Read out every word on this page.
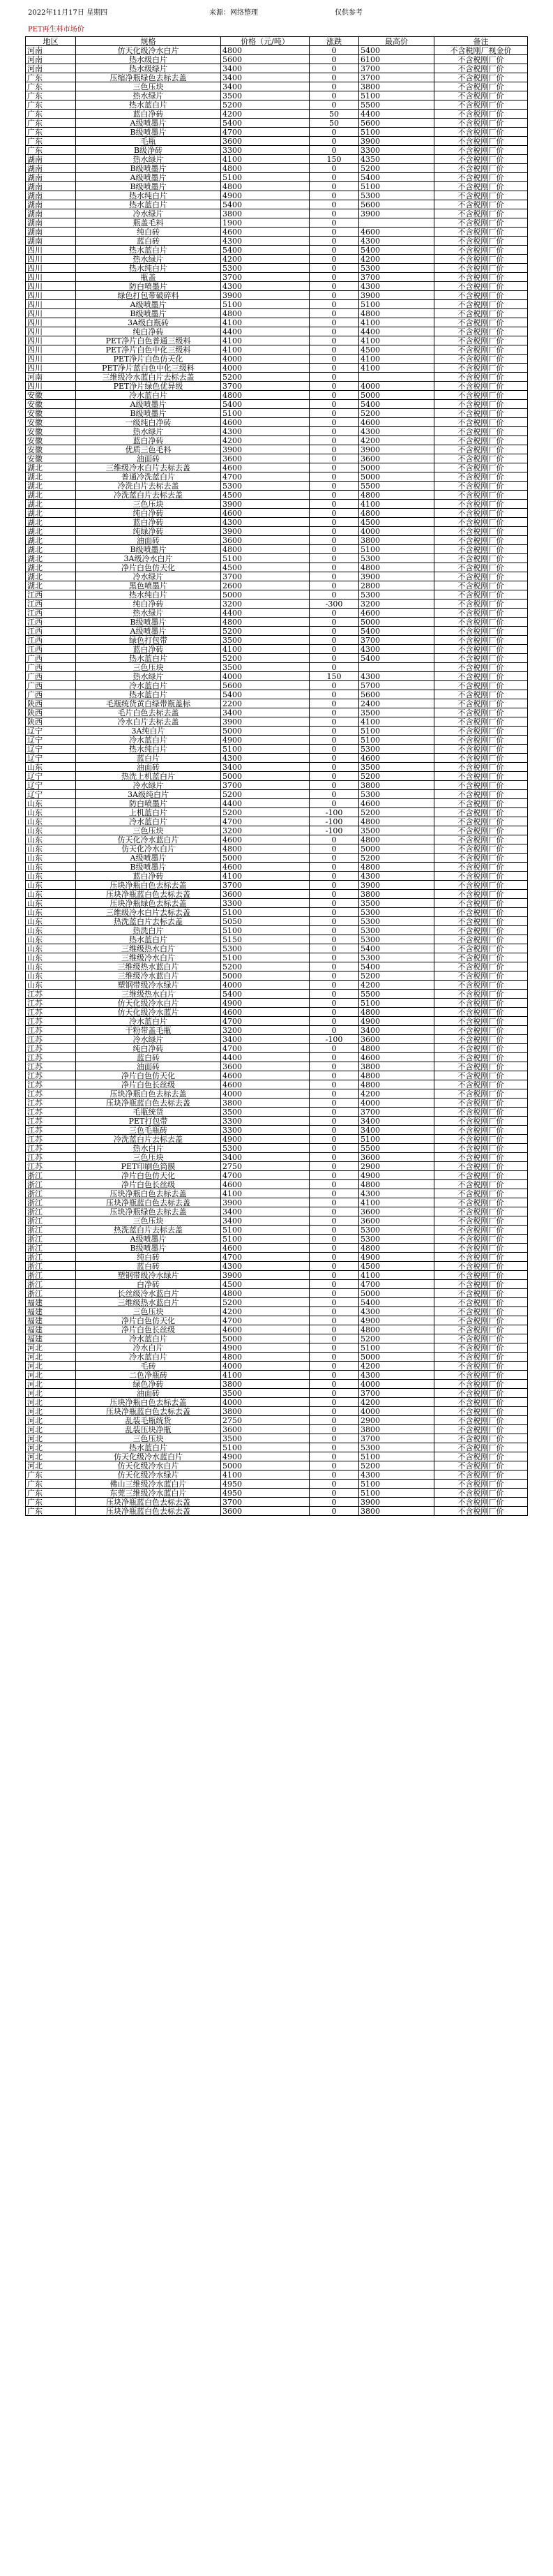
2022年11月17日 星期四	来源：网络整理	仅供参考
PET再生料市场价
地区	规格	价格（元/吨）	涨跌	最高价	备注
河南	仿天化级冷水白片	4800	0	5400	不含税刚厂视金价
河南	热水级白片	5600	0	6100	不含税刚厂价
河南	热水级绿片	3400	0	3700	不含税刚厂价
广东	压缩净瓶绿色去标去盖	3400	0	3700	不含税刚厂价
广东	三色压块	3400	0	3800	不含税刚厂价
广东	热水绿片	3500	0	5100	不含税刚厂价
广东	热水蓝白片	5200	0	5500	不含税刚厂价
广东	蓝白净砖	4200	50	4400	不含税刚厂价
广东	A级喷墨片	5400	50	5600	不含税刚厂价
广东	B级喷墨片	4700	0	5100	不含税刚厂价
广东	毛瓶	3600	0	3900	不含税刚厂价
广东	B级净砖	3300	0	3300	不含税刚厂价
湖南	热水绿片	4100	150	4350	不含税刚厂价
湖南	B级喷墨片	4800	0	5200	不含税刚厂价
湖南	A级喷墨片	5100	0	5400	不含税刚厂价
湖南	B级喷墨片	4800	0	5100	不含税刚厂价
湖南	热水纯白片	4900	0	5300	不含税刚厂价
湖南	热水蓝白片	5400	0	5600	不含税刚厂价
湖南	冷水绿片	3800	0	3900	不含税刚厂价
湖南	瓶盖毛料	1900	0		不含税刚厂价
湖南	纯白砖	4600	0	4600	不含税刚厂价
湖南	蓝白砖	4300	0	4300	不含税刚厂价
四川	热水蓝白片	5400	0	5400	不含税刚厂价
四川	热水绿片	4200	0	4200	不含税刚厂价
四川	热水纯白片	5300	0	5300	不含税刚厂价
四川	瓶盖	3700	0	3700	不含税刚厂价
四川	防白喷墨片	4300	0	4300	不含税刚厂价
四川	绿色打包带破碎料	3900	0	3900	不含税刚厂价
四川	A级喷墨片	5100	0	5100	不含税刚厂价
四川	B级喷墨片	4800	0	4800	不含税刚厂价
四川	3A级白瓶砖	4100	0	4100	不含税刚厂价
四川	纯白净砖	4400	0	4400	不含税刚厂价
四川	PET净片白色普通三级料	4100	0	4100	不含税刚厂价
四川	PET净片白色中化三级料	4100	0	4500	不含税刚厂价
四川	PET净片白色仿天化	4000	0	4100	不含税刚厂价
四川	PET净片蓝白色中化三级料	4000	0	4100	不含税刚厂价
河南	三维级冷水蓝白片去标去盖	5200	0		不含税刚厂价
四川	PET净片绿色优异级	3700	0	4000	不含税刚厂价
安徽	冷水蓝白片	4800	0	5000	不含税刚厂价
安徽	A级喷墨片	5400	0	5400	不含税刚厂价
安徽	B级喷墨片	5100	0	5200	不含税刚厂价
安徽	一级纯白净砖	4600	0	4600	不含税刚厂价
安徽	热水绿片	4300	0	4300	不含税刚厂价
安徽	蓝白净砖	4200	0	4200	不含税刚厂价
安徽	优质三色毛料	3900	0	3900	不含税刚厂价
安徽	油面砖	3600	0	3600	不含税刚厂价
湖北	三维级冷水白片去标去盖	4600	0	5000	不含税刚厂价
湖北	普通冷洗蓝白片	4700	0	5000	不含税刚厂价
湖北	冷洗白片去标去盖	5300	0	5500	不含税刚厂价
湖北	冷洗蓝白片去标去盖	4500	0	4800	不含税刚厂价
湖北	三色压块	3900	0	4100	不含税刚厂价
湖北	纯白净砖	4600	0	4800	不含税刚厂价
湖北	蓝白净砖	4300	0	4500	不含税刚厂价
湖北	纯绿净砖	3900	0	4000	不含税刚厂价
湖北	油面砖	3600	0	3800	不含税刚厂价
湖北	B级喷墨片	4800	0	5100	不含税刚厂价
湖北	3A级冷水白片	5100	0	5300	不含税刚厂价
湖北	净片白色仿天化	4500	0	4800	不含税刚厂价
湖北	冷水绿片	3700	0	3900	不含税刚厂价
湖北	黑色喷墨片	2600	0	2800	不含税刚厂价
江西	热水纯白片	5000	0	5300	不含税刚厂价
江西	纯白净砖	3200	-300	3200	不含税刚厂价
江西	热水绿片	4400	0	4600	不含税刚厂价
江西	B级喷墨片	4800	0	5000	不含税刚厂价
江西	A级喷墨片	5200	0	5400	不含税刚厂价
江西	绿色打包带	3500	0	3700	不含税刚厂价
江西	蓝白净砖	4100	0	4300	不含税刚厂价
广西	热水蓝白片	5200	0	5400	不含税刚厂价
广西	三色压块	3500	0		不含税刚厂价
广西	热水绿片	4000	150	4300	不含税刚厂价
广西	冷水蓝白片	5600	0	5700	不含税刚厂价
广西	热水蓝白片	5400	0	5600	不含税刚厂价
陕西	毛瓶统货黄白绿带瓶盖标	2200	0	2400	不含税刚厂价
陕西	毛片白色去标去盖	3400	0	3500	不含税刚厂价
陕西	冷水白片去标去盖	3900	0	4100	不含税刚厂价
辽宁	3A纯白片	5000	0	5100	不含税刚厂价
辽宁	冷水蓝白片	4900	0	5100	不含税刚厂价
辽宁	热水纯白片	5100	0	5300	不含税刚厂价
辽宁	蓝白片	4300	0	4600	不含税刚厂价
山东	油面砖	3400	0	3500	不含税刚厂价
辽宁	热洗上机蓝白片	5000	0	5200	不含税刚厂价
辽宁	冷水绿片	3700	0	3800	不含税刚厂价
辽宁	3A级纯白片	5200	0	5300	不含税刚厂价
山东	防白喷墨片	4400	0	4600	不含税刚厂价
山东	上机蓝白片	5200	-100	5200	不含税刚厂价
山东	冷水蓝白片	4700	-100	4800	不含税刚厂价
山东	三色压块	3200	-100	3500	不含税刚厂价
山东	仿天化冷水蓝白片	4600	0	4800	不含税刚厂价
山东	仿天化冷水白片	4800	0	5000	不含税刚厂价
山东	A级喷墨片	5000	0	5200	不含税刚厂价
山东	B级喷墨片	4600	0	4800	不含税刚厂价
山东	蓝白净砖	4100	0	4300	不含税刚厂价
山东	压块净瓶白色去标去盖	3700	0	3900	不含税刚厂价
山东	压块净瓶蓝白色去标去盖	3600	0	3800	不含税刚厂价
山东	压块净瓶绿色去标去盖	3300	0	3500	不含税刚厂价
山东	三维级冷水白片去标去盖	5100	0	5300	不含税刚厂价
山东	热洗蓝白片去标去盖	5050	0	5300	不含税刚厂价
山东	热洗白片	5100	0	5300	不含税刚厂价
山东	热水蓝白片	5150	0	5300	不含税刚厂价
山东	三维级热水白片	5300	0	5400	不含税刚厂价
山东	三维级冷水白片	5100	0	5300	不含税刚厂价
山东	三维级热水蓝白片	5200	0	5400	不含税刚厂价
山东	三维级冷水蓝白片	5000	0	5200	不含税刚厂价
山东	塑钢带级冷水绿片	4000	0	4200	不含税刚厂价
江苏	三维级热水白片	5400	0	5500	不含税刚厂价
江苏	仿天化级冷水白片	4900	0	5100	不含税刚厂价
江苏	仿天化级冷水蓝片	4600	0	4800	不含税刚厂价
江苏	冷水蓝白片	4700	0	4900	不含税刚厂价
江苏	干粉带盖毛瓶	3200	0	3400	不含税刚厂价
江苏	冷水绿片	3400	-100	3600	不含税刚厂价
江苏	纯白净砖	4700	0	4800	不含税刚厂价
江苏	蓝白砖	4400	0	4600	不含税刚厂价
江苏	油面砖	3600	0	3800	不含税刚厂价
江苏	净片白色仿天化	4600	0	4800	不含税刚厂价
江苏	净片白色长丝级	4600	0	4800	不含税刚厂价
江苏	压块净瓶白色去标去盖	4000	0	4200	不含税刚厂价
江苏	压块净瓶蓝白色去标去盖	3800	0	4000	不含税刚厂价
江苏	毛瓶统货	3500	0	3700	不含税刚厂价
江苏	PET打包带	3300	0	3400	不含税刚厂价
江苏	三色毛瓶砖	3300	0	3400	不含税刚厂价
江苏	冷洗蓝白片去标去盖	4900	0	5100	不含税刚厂价
江苏	热水白片	5300	0	5500	不含税刚厂价
江苏	三色压块	3400	0	3600	不含税刚厂价
江苏	PET印刷色筒膜	2750	0	2900	不含税刚厂价
浙江	净片白色仿天化	4700	0	4900	不含税刚厂价
浙江	净片白色长丝级	4600	0	4800	不含税刚厂价
浙江	压块净瓶白色去标去盖	4100	0	4300	不含税刚厂价
浙江	压块净瓶蓝白色去标去盖	3900	0	4100	不含税刚厂价
浙江	压块净瓶绿色去标去盖	3400	0	3600	不含税刚厂价
浙江	三色压块	3400	0	3600	不含税刚厂价
浙江	热洗蓝白片去标去盖	5100	0	5300	不含税刚厂价
浙江	A级喷墨片	5100	0	5300	不含税刚厂价
浙江	B级喷墨片	4600	0	4800	不含税刚厂价
浙江	纯白砖	4700	0	4900	不含税刚厂价
浙江	蓝白砖	4300	0	4500	不含税刚厂价
浙江	塑钢带级冷水绿片	3900	0	4100	不含税刚厂价
浙江	白净砖	4500	0	4700	不含税刚厂价
浙江	长丝级冷水蓝白片	4800	0	5000	不含税刚厂价
福建	三维级热水蓝白片	5200	0	5400	不含税刚厂价
福建	三色压块	4200	0	4300	不含税刚厂价
福建	净片白色仿天化	4700	0	4900	不含税刚厂价
福建	净片白色长丝级	4600	0	4800	不含税刚厂价
福建	冷水蓝白片	5000	0	5200	不含税刚厂价
河北	冷水白片	4900	0	5100	不含税刚厂价
河北	冷水蓝白片	4800	0	5000	不含税刚厂价
河北	毛砖	4000	0	4200	不含税刚厂价
河北	二色净瓶砖	4100	0	4300	不含税刚厂价
河北	绿色净砖	3800	0	4000	不含税刚厂价
河北	油面砖	3500	0	3700	不含税刚厂价
河北	压块净瓶白色去标去盖	4000	0	4200	不含税刚厂价
河北	压块净瓶蓝白色去标去盖	3800	0	4000	不含税刚厂价
河北	乱装毛瓶统货	2750	0	2900	不含税刚厂价
河北	乱装压块净瓶	3600	0	3800	不含税刚厂价
河北	三色压块	3500	0	3700	不含税刚厂价
河北	热水蓝白片	5100	0	5300	不含税刚厂价
河北	仿天化级冷水蓝白片	4900	0	5100	不含税刚厂价
河北	仿天化级冷水白片	5000	0	5200	不含税刚厂价
广东	仿天化级冷水绿片	4100	0	4300	不含税刚厂价
广东	佛山三维级冷水蓝白片	4950	0	5100	不含税刚厂价
广东	东莞三维级冷水蓝白片	4950	0	5100	不含税刚厂价
广东	压块净瓶蓝白色去标去盖	3700	0	3900	不含税刚厂价
广东	压块净瓶蓝白色去标去盖	3600	0	3800	不含税刚厂价
